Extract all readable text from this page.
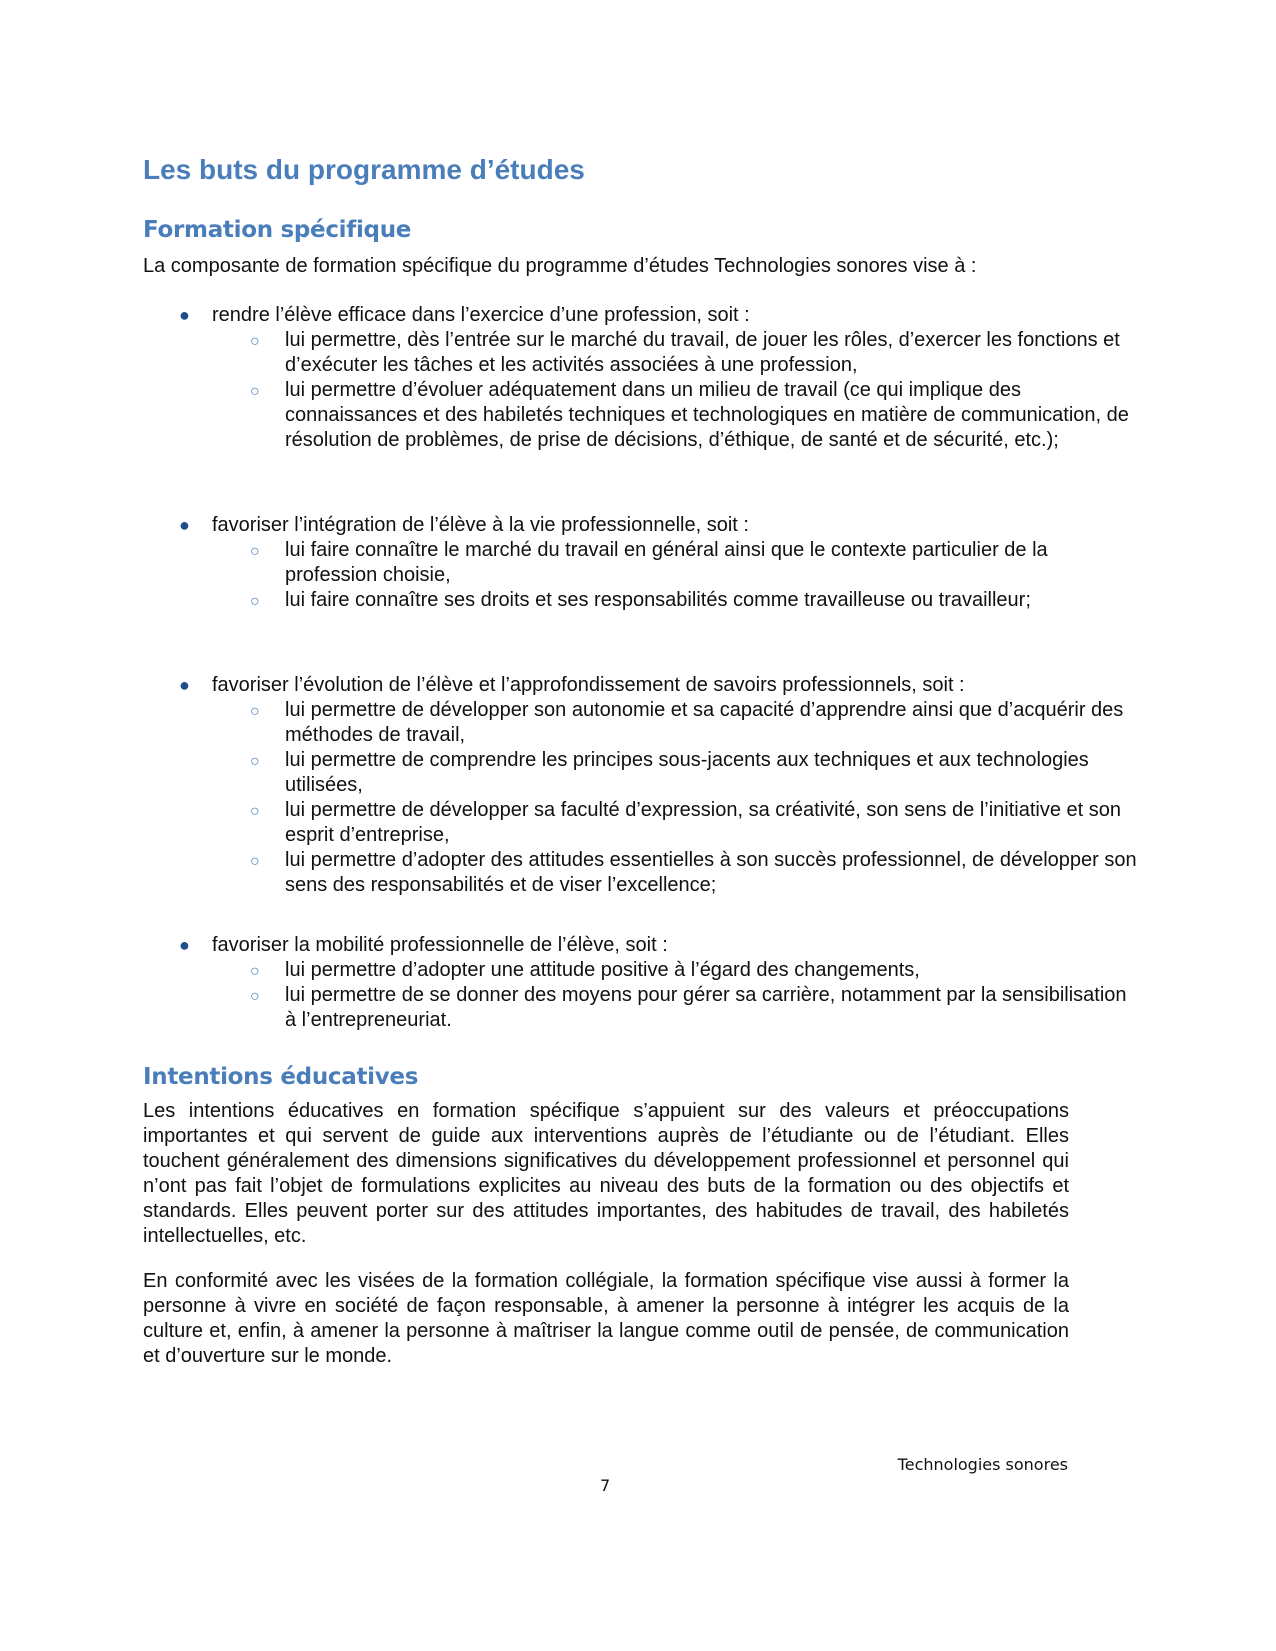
Les buts du programme d’études
Formation spécifique

La composante de formation spécifique du programme d’études Technologies sonores vise à :

● rendre l’élève efficace dans l’exercice d’une profession, soit :
○ lui permettre, dès l’entrée sur le marché du travail, de jouer les rôles, d’exercer les fonctions et d’exécuter les tâches et les activités associées à une profession,
○ lui permettre d’évoluer adéquatement dans un milieu de travail (ce qui implique des connaissances et des habiletés techniques et technologiques en matière de communication, de résolution de problèmes, de prise de décisions, d’éthique, de santé et de sécurité, etc.);
● favoriser l’intégration de l’élève à la vie professionnelle, soit :
○ lui faire connaître le marché du travail en général ainsi que le contexte particulier de la profession choisie,
○ lui faire connaître ses droits et ses responsabilités comme travailleuse ou travailleur;
● favoriser l’évolution de l’élève et l’approfondissement de savoirs professionnels, soit :
○ lui permettre de développer son autonomie et sa capacité d’apprendre ainsi que d’acquérir des méthodes de travail,
○ lui permettre de comprendre les principes sous-jacents aux techniques et aux technologies utilisées,
○ lui permettre de développer sa faculté d’expression, sa créativité, son sens de l’initiative et son esprit d’entreprise,
○ lui permettre d’adopter des attitudes essentielles à son succès professionnel, de développer son sens des responsabilités et de viser l’excellence;
● favoriser la mobilité professionnelle de l’élève, soit :
○ lui permettre d’adopter une attitude positive à l’égard des changements,
○ lui permettre de se donner des moyens pour gérer sa carrière, notamment par la sensibilisation à l’entrepreneuriat.
Intentions éducatives

Les intentions éducatives en formation spécifique s’appuient sur des valeurs et préoccupations importantes et qui servent de guide aux interventions auprès de l’étudiante ou de l’étudiant. Elles touchent généralement des dimensions significatives du développement professionnel et personnel qui n’ont pas fait l’objet de formulations explicites au niveau des buts de la formation ou des objectifs et standards. Elles peuvent porter sur des attitudes importantes, des habitudes de travail, des habiletés intellectuelles, etc.

En conformité avec les visées de la formation collégiale, la formation spécifique vise aussi à former la personne à vivre en société de façon responsable, à amener la personne à intégrer les acquis de la culture et, enfin, à amener la personne à maîtriser la langue comme outil de pensée, de communication et d’ouverture sur le monde.

Technologies sonores
7
